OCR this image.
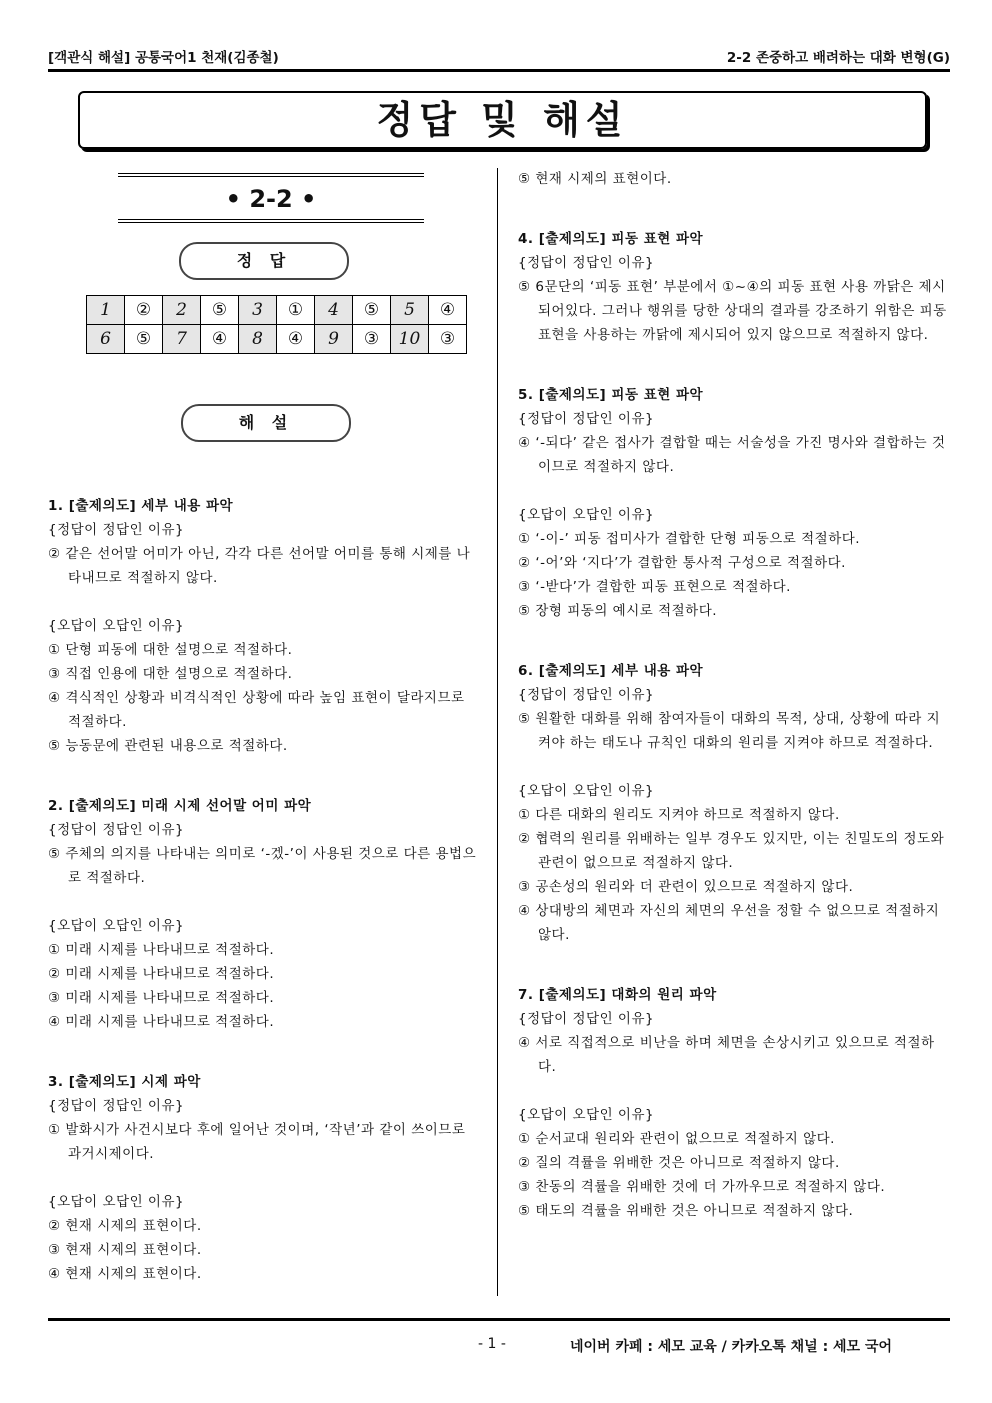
[객관식 해설] 공통국어1 천재(김종철)	2-2 존중하고 배려하는 대화 변형(G)
정답 및 해설
• 2-2 •
정 답
1	②	2	⑤	3	①	4	⑤	5	④
6	⑤	7	④	8	④	9	③	10	③
해 설
1. [출제의도] 세부 내용 파악
{정답이 정답인 이유}
② 같은 선어말 어미가 아닌, 각각 다른 선어말 어미를 통해 시제를 나타내므로 적절하지 않다.
{오답이 오답인 이유}
① 단형 피동에 대한 설명으로 적절하다.
③ 직접 인용에 대한 설명으로 적절하다.
④ 격식적인 상황과 비격식적인 상황에 따라 높임 표현이 달라지므로 적절하다.
⑤ 능동문에 관련된 내용으로 적절하다.
2. [출제의도] 미래 시제 선어말 어미 파악
{정답이 정답인 이유}
⑤ 주체의 의지를 나타내는 의미로 ‘-겠-’이 사용된 것으로 다른 용법으로 적절하다.
{오답이 오답인 이유}
① 미래 시제를 나타내므로 적절하다.
② 미래 시제를 나타내므로 적절하다.
③ 미래 시제를 나타내므로 적절하다.
④ 미래 시제를 나타내므로 적절하다.
3. [출제의도] 시제 파악
{정답이 정답인 이유}
① 발화시가 사건시보다 후에 일어난 것이며, ‘작년’과 같이 쓰이므로 과거시제이다.
{오답이 오답인 이유}
② 현재 시제의 표현이다.
③ 현재 시제의 표현이다.
④ 현재 시제의 표현이다.
⑤ 현재 시제의 표현이다.
4. [출제의도] 피동 표현 파악
{정답이 정답인 이유}
⑤ 6문단의 ‘피동 표현’ 부분에서 ①~④의 피동 표현 사용 까닭은 제시되어있다. 그러나 행위를 당한 상대의 결과를 강조하기 위함은 피동 표현을 사용하는 까닭에 제시되어 있지 않으므로 적절하지 않다.
5. [출제의도] 피동 표현 파악
{정답이 정답인 이유}
④ ‘-되다’ 같은 접사가 결합할 때는 서술성을 가진 명사와 결합하는 것이므로 적절하지 않다.
{오답이 오답인 이유}
① ‘-이-’ 피동 접미사가 결합한 단형 피동으로 적절하다.
② ‘-어’와 ‘지다’가 결합한 통사적 구성으로 적절하다.
③ ‘-받다’가 결합한 피동 표현으로 적절하다.
⑤ 장형 피동의 예시로 적절하다.
6. [출제의도] 세부 내용 파악
{정답이 정답인 이유}
⑤ 원활한 대화를 위해 참여자들이 대화의 목적, 상대, 상황에 따라 지켜야 하는 태도나 규칙인 대화의 원리를 지켜야 하므로 적절하다.
{오답이 오답인 이유}
① 다른 대화의 원리도 지켜야 하므로 적절하지 않다.
② 협력의 원리를 위배하는 일부 경우도 있지만, 이는 친밀도의 정도와 관련이 없으므로 적절하지 않다.
③ 공손성의 원리와 더 관련이 있으므로 적절하지 않다.
④ 상대방의 체면과 자신의 체면의 우선을 정할 수 없으므로 적절하지 않다.
7. [출제의도] 대화의 원리 파악
{정답이 정답인 이유}
④ 서로 직접적으로 비난을 하며 체면을 손상시키고 있으므로 적절하다.
{오답이 오답인 이유}
① 순서교대 원리와 관련이 없으므로 적절하지 않다.
② 질의 격률을 위배한 것은 아니므로 적절하지 않다.
③ 찬동의 격률을 위배한 것에 더 가까우므로 적절하지 않다.
⑤ 태도의 격률을 위배한 것은 아니므로 적절하지 않다.
- 1 -	네이버 카페 : 세모 교육 / 카카오톡 채널 : 세모 국어
